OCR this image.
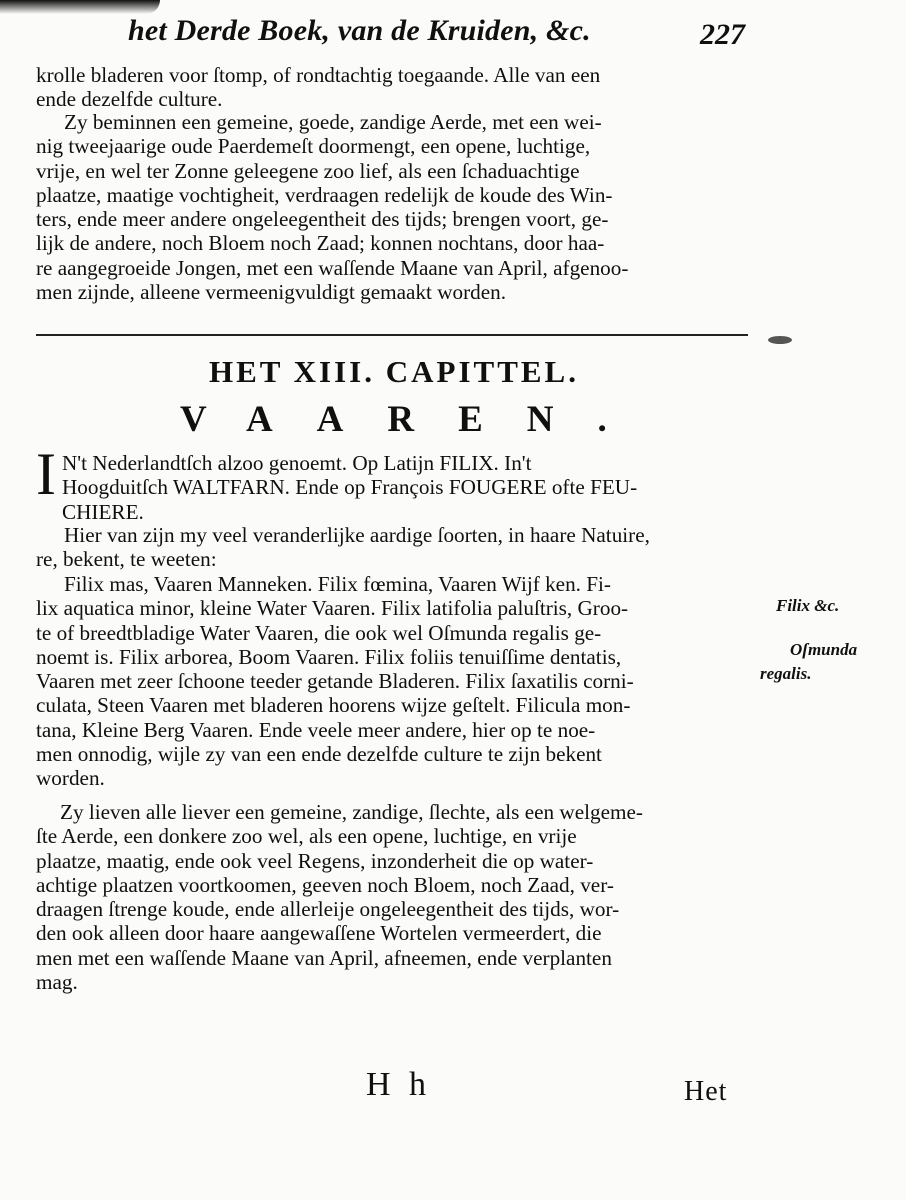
het Derde Boek, van de Kruiden, &c.	227

krolle bladeren voor ſtomp, of rondtachtig toegaande. Alle van een

ende dezelfde culture.

Zy beminnen een gemeine, goede, zandige Aerde, met een wei-

nig tweejaarige oude Paerdemeſt doormengt, een opene, luchtige,

vrije, en wel ter Zonne geleegene zoo lief, als een ſchaduachtige

plaatze, maatige vochtigheit, verdraagen redelijk de koude des Win-

ters, ende meer andere ongeleegentheit des tijds; brengen voort, ge-

lijk de andere, noch Bloem noch Zaad; konnen nochtans, door haa-

re aangegroeide Jongen, met een waſſende Maane van April, afgenoo-

men zijnde, alleene vermeenigvuldigt gemaakt worden.

HET XIII. CAPITTEL.
VAAREN.
I N't Nederlandtſch alzoo genoemt. Op Latijn FILIX. In't

Hoogduitſch WALTFARN. Ende op François FOUGERE ofte FEU-

CHIERE.

Hier van zijn my veel veranderlijke aardige ſoorten, in haare Natuire,

re, bekent, te weeten:

Filix mas, Vaaren Manneken. Filix fœmina, Vaaren Wijf ken. Fi-

lix aquatica minor, kleine Water Vaaren. Filix latifolia paluſtris, Groo-

te of breedtbladige Water Vaaren, die ook wel Oſmunda regalis ge-

noemt is. Filix arborea, Boom Vaaren. Filix foliis tenuiſſime dentatis,

Vaaren met zeer ſchoone teeder getande Bladeren. Filix ſaxatilis corni-

culata, Steen Vaaren met bladeren hoorens wijze geſtelt. Filicula mon-

tana, Kleine Berg Vaaren. Ende veele meer andere, hier op te noe-

men onnodig, wijle zy van een ende dezelfde culture te zijn bekent

worden.

Filix &c.
Oſmunda
regalis.

Zy lieven alle liever een gemeine, zandige, ſlechte, als een welgeme-

ſte Aerde, een donkere zoo wel, als een opene, luchtige, en vrije

plaatze, maatig, ende ook veel Regens, inzonderheit die op water-

achtige plaatzen voortkoomen, geeven noch Bloem, noch Zaad, ver-

draagen ſtrenge koude, ende allerleije ongeleegentheit des tijds, wor-

den ook alleen door haare aangewaſſene Wortelen vermeerdert, die

men met een waſſende Maane van April, afneemen, ende verplanten

mag.

H h	Het
